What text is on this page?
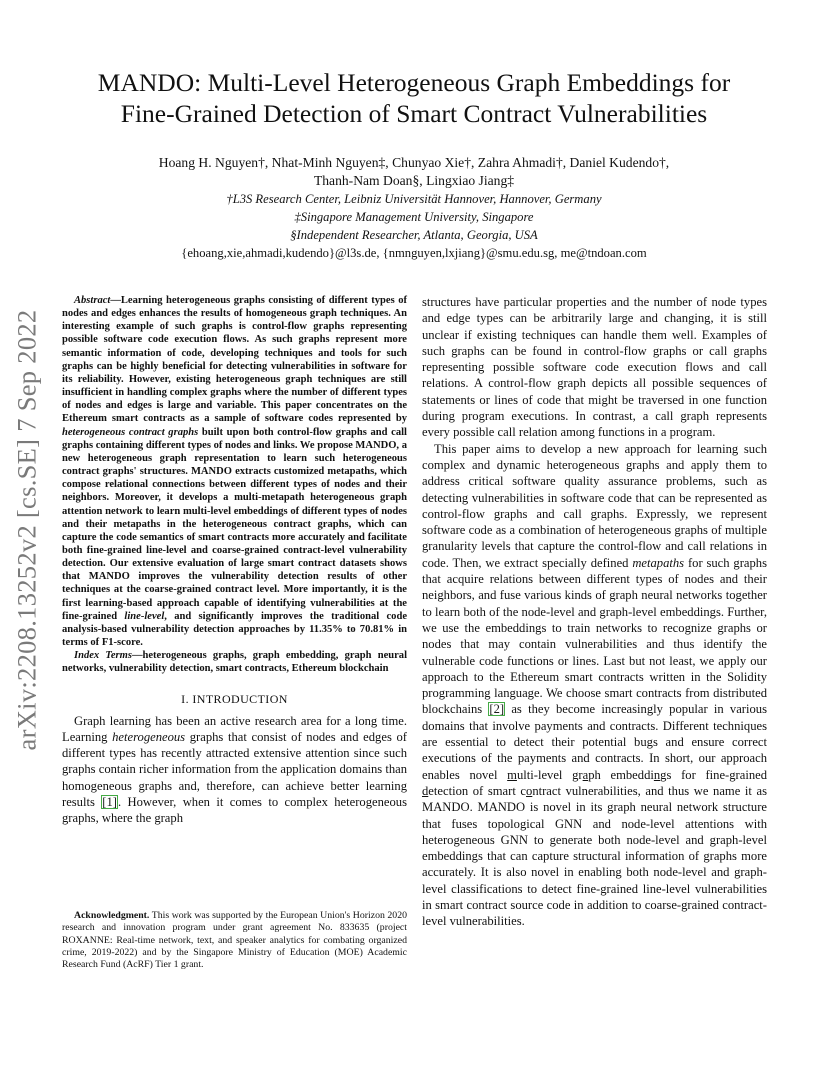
arXiv:2208.13252v2 [cs.SE] 7 Sep 2022
MANDO: Multi-Level Heterogeneous Graph Embeddings for
Fine-Grained Detection of Smart Contract Vulnerabilities
Hoang H. Nguyen†, Nhat-Minh Nguyen‡, Chunyao Xie†, Zahra Ahmadi†, Daniel Kudendo†,
Thanh-Nam Doan§, Lingxiao Jiang‡
†L3S Research Center, Leibniz Universität Hannover, Hannover, Germany
‡Singapore Management University, Singapore
§Independent Researcher, Atlanta, Georgia, USA
{ehoang,xie,ahmadi,kudendo}@l3s.de, {nmnguyen,lxjiang}@smu.edu.sg, me@tndoan.com

Abstract—Learning heterogeneous graphs consisting of different types of nodes and edges enhances the results of homogeneous graph techniques. An interesting example of such graphs is control-flow graphs representing possible software code execution flows. As such graphs represent more semantic information of code, developing techniques and tools for such graphs can be highly beneficial for detecting vulnerabilities in software for its reliability. However, existing heterogeneous graph techniques are still insufficient in handling complex graphs where the number of different types of nodes and edges is large and variable. This paper concentrates on the Ethereum smart contracts as a sample of software codes represented by heterogeneous contract graphs built upon both control-flow graphs and call graphs containing different types of nodes and links. We propose MANDO, a new heterogeneous graph representation to learn such heterogeneous contract graphs' structures. MANDO extracts customized metapaths, which compose relational connections between different types of nodes and their neighbors. Moreover, it develops a multi-metapath heterogeneous graph attention network to learn multi-level embeddings of different types of nodes and their metapaths in the heterogeneous contract graphs, which can capture the code semantics of smart contracts more accurately and facilitate both fine-grained line-level and coarse-grained contract-level vulnerability detection. Our extensive evaluation of large smart contract datasets shows that MANDO improves the vulnerability detection results of other techniques at the coarse-grained contract level. More importantly, it is the first learning-based approach capable of identifying vulnerabilities at the fine-grained line-level, and significantly improves the traditional code analysis-based vulnerability detection approaches by 11.35% to 70.81% in terms of F1-score.

Index Terms—heterogeneous graphs, graph embedding, graph neural networks, vulnerability detection, smart contracts, Ethereum blockchain

I. INTRODUCTION

Graph learning has been an active research area for a long time. Learning heterogeneous graphs that consist of nodes and edges of different types has recently attracted extensive attention since such graphs contain richer information from the application domains than homogeneous graphs and, therefore, can achieve better learning results [1]. However, when it comes to complex heterogeneous graphs, where the graph

Acknowledgment. This work was supported by the European Union's Horizon 2020 research and innovation program under grant agreement No. 833635 (project ROXANNE: Real-time network, text, and speaker analytics for combating organized crime, 2019-2022) and by the Singapore Ministry of Education (MOE) Academic Research Fund (AcRF) Tier 1 grant.

structures have particular properties and the number of node types and edge types can be arbitrarily large and changing, it is still unclear if existing techniques can handle them well. Examples of such graphs can be found in control-flow graphs or call graphs representing possible software code execution flows and call relations. A control-flow graph depicts all possible sequences of statements or lines of code that might be traversed in one function during program executions. In contrast, a call graph represents every possible call relation among functions in a program.

This paper aims to develop a new approach for learning such complex and dynamic heterogeneous graphs and apply them to address critical software quality assurance problems, such as detecting vulnerabilities in software code that can be represented as control-flow graphs and call graphs. Expressly, we represent software code as a combination of heterogeneous graphs of multiple granularity levels that capture the control-flow and call relations in code. Then, we extract specially defined metapaths for such graphs that acquire relations between different types of nodes and their neighbors, and fuse various kinds of graph neural networks together to learn both of the node-level and graph-level embeddings. Further, we use the embeddings to train networks to recognize graphs or nodes that may contain vulnerabilities and thus identify the vulnerable code functions or lines. Last but not least, we apply our approach to the Ethereum smart contracts written in the Solidity programming language. We choose smart contracts from distributed blockchains [2] as they become increasingly popular in various domains that involve payments and contracts. Different techniques are essential to detect their potential bugs and ensure correct executions of the payments and contracts. In short, our approach enables novel multi-level graph embeddings for fine-grained detection of smart contract vulnerabilities, and thus we name it as MANDO. MANDO is novel in its graph neural network structure that fuses topological GNN and node-level attentions with heterogeneous GNN to generate both node-level and graph-level embeddings that can capture structural information of graphs more accurately. It is also novel in enabling both node-level and graph-level classifications to detect fine-grained line-level vulnerabilities in smart contract source code in addition to coarse-grained contract-level vulnerabilities.
